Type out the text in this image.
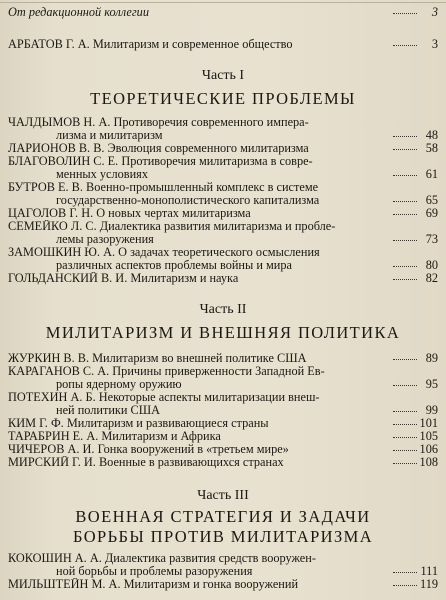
От редакционной коллегии	3
АРБАТОВ Г. А. Милитаризм и современное общество	3
Часть I
ТЕОРЕТИЧЕСКИЕ ПРОБЛЕМЫ
ЧАЛДЫМОВ Н. А. Противоречия современного импера-
лизма и милитаризм	48
ЛАРИОНОВ В. В. Эволюция современного милитаризма	58
БЛАГОВОЛИН С. Е. Противоречия милитаризма в совре-
менных условиях	61
БУТРОВ Е. В. Военно-промышленный комплекс в системе
государственно-монополистического капитализма	65
ЦАГОЛОВ Г. Н. О новых чертах милитаризма	69
СЕМЕЙКО Л. С. Диалектика развития милитаризма и пробле-
лемы разоружения	73
ЗАМОШКИН Ю. А. О задачах теоретического осмысления
различных аспектов проблемы войны и мира	80
ГОЛЬДАНСКИЙ В. И. Милитаризм и наука	82
Часть II
МИЛИТАРИЗМ И ВНЕШНЯЯ ПОЛИТИКА
ЖУРКИН В. В. Милитаризм во внешней политике США	89
КАРАГАНОВ С. А. Причины приверженности Западной Ев-
ропы ядерному оружию	95
ПОТЕХИН А. Б. Некоторые аспекты милитаризации внеш-
ней политики США	99
КИМ Г. Ф. Милитаризм и развивающиеся страны	101
ТАРАБРИН Е. А. Милитаризм и Африка	105
ЧИЧЕРОВ А. И. Гонка вооружений в «третьем мире»	106
МИРСКИЙ Г. И. Военные в развивающихся странах	108
Часть III
ВОЕННАЯ СТРАТЕГИЯ И ЗАДАЧИ
БОРЬБЫ ПРОТИВ МИЛИТАРИЗМА
КОКОШИН А. А. Диалектика развития средств вооружен-
ной борьбы и проблемы разоружения	111
МИЛЬШТЕЙН М. А. Милитаризм и гонка вооружений	119
